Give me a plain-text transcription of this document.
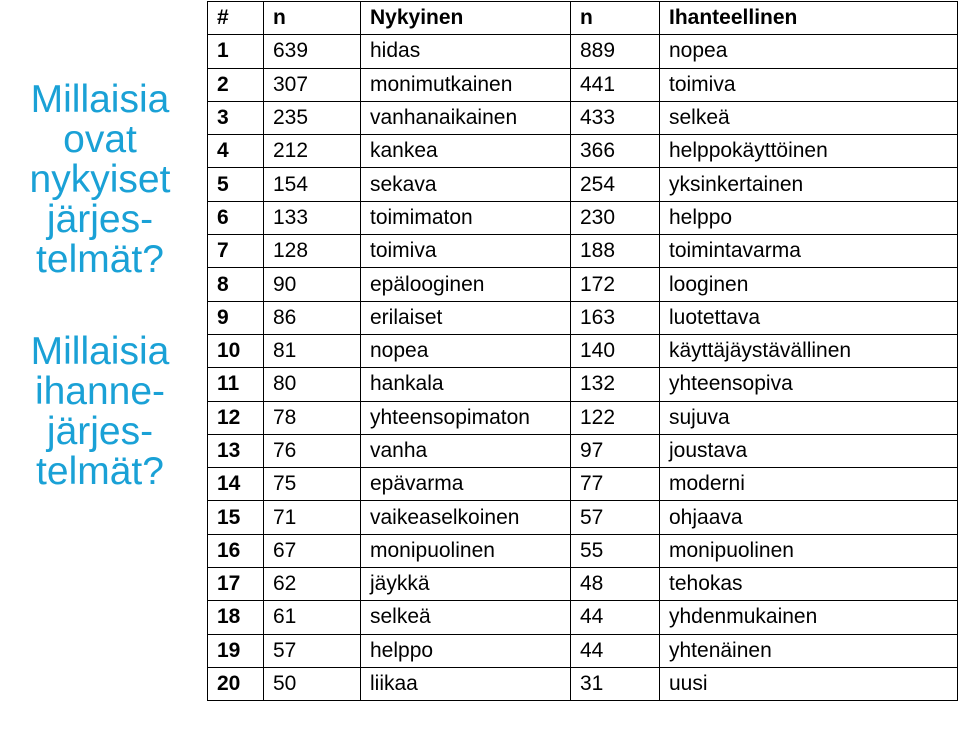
Millaisia
ovat
nykyiset
järjes-
telmät?
Millaisia
ihanne-
järjes-
telmät?
#	n	Nykyinen	n	Ihanteellinen
1	639	hidas	889	nopea
2	307	monimutkainen	441	toimiva
3	235	vanhanaikainen	433	selkeä
4	212	kankea	366	helppokäyttöinen
5	154	sekava	254	yksinkertainen
6	133	toimimaton	230	helppo
7	128	toimiva	188	toimintavarma
8	90	epälooginen	172	looginen
9	86	erilaiset	163	luotettava
10	81	nopea	140	käyttäjäystävällinen
11	80	hankala	132	yhteensopiva
12	78	yhteensopimaton	122	sujuva
13	76	vanha	97	joustava
14	75	epävarma	77	moderni
15	71	vaikeaselkoinen	57	ohjaava
16	67	monipuolinen	55	monipuolinen
17	62	jäykkä	48	tehokas
18	61	selkeä	44	yhdenmukainen
19	57	helppo	44	yhtenäinen
20	50	liikaa	31	uusi
